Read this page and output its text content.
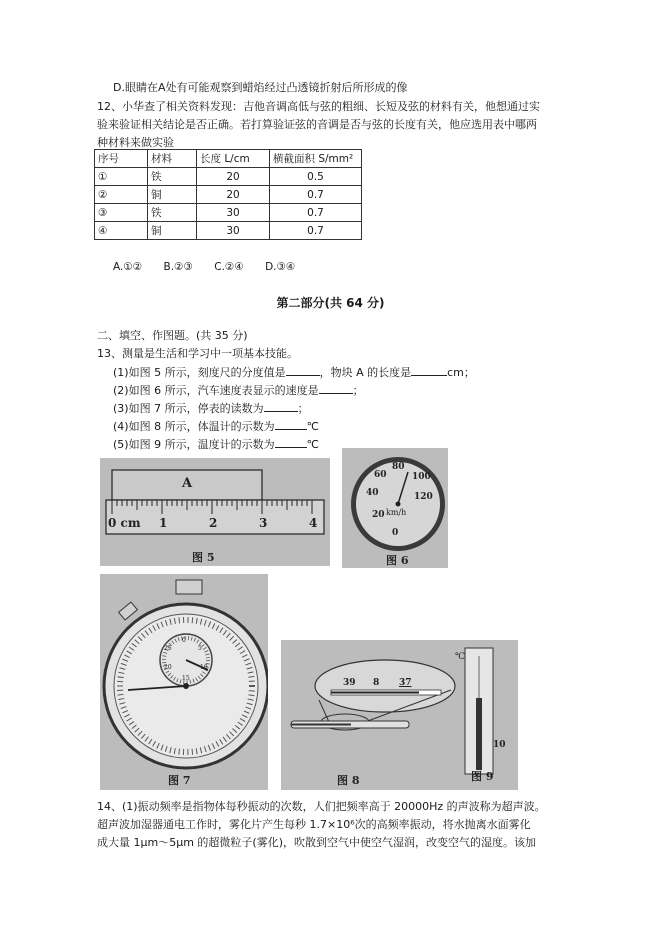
D.眼睛在A处有可能观察到蜡焰经过凸透镜折射后所形成的像
12、小华查了相关资料发现：吉他音调高低与弦的粗细、长短及弦的材料有关，他想通过实
验来验证相关结论是否正确。若打算验证弦的音调是否与弦的长度有关，他应选用表中哪两
种材料来做实验
序号	材料	长度 L/cm	横截面积 S/mm²
①	铁	20	0.5
②	铜	20	0.7
③	铁	30	0.7
④	铜	30	0.7
A.①② B.②③ C.②④ D.③④
第二部分(共 64 分)
二、填空、作图题。(共 35 分)
13、测量是生活和学习中一项基本技能。
(1)如图 5 所示，刻度尺的分度值是	，物块 A 的长度是	cm；
(2)如图 6 所示，汽车速度表显示的速度是	；
(3)如图 7 所示，停表的读数为	；
(4)如图 8 所示，体温计的示数为	℃
(5)如图 9 所示，温度计的示数为	℃
A
0 cm 1	2	3	4
图 5
0
20
40
60
80
100
120
km/h
图 6
0
5
10
15
20
25
图 7
39 8 37
℃
10
图 8	图 9
14、(1)振动频率是指物体每秒振动的次数，人们把频率高于 20000Hz 的声波称为超声波。
超声波加湿器通电工作时，雾化片产生每秒 1.7×10⁶次的高频率振动，将水抛离水面雾化
成大量 1μm～5μm 的超微粒子(雾化)，吹散到空气中使空气湿润，改变空气的湿度。该加
